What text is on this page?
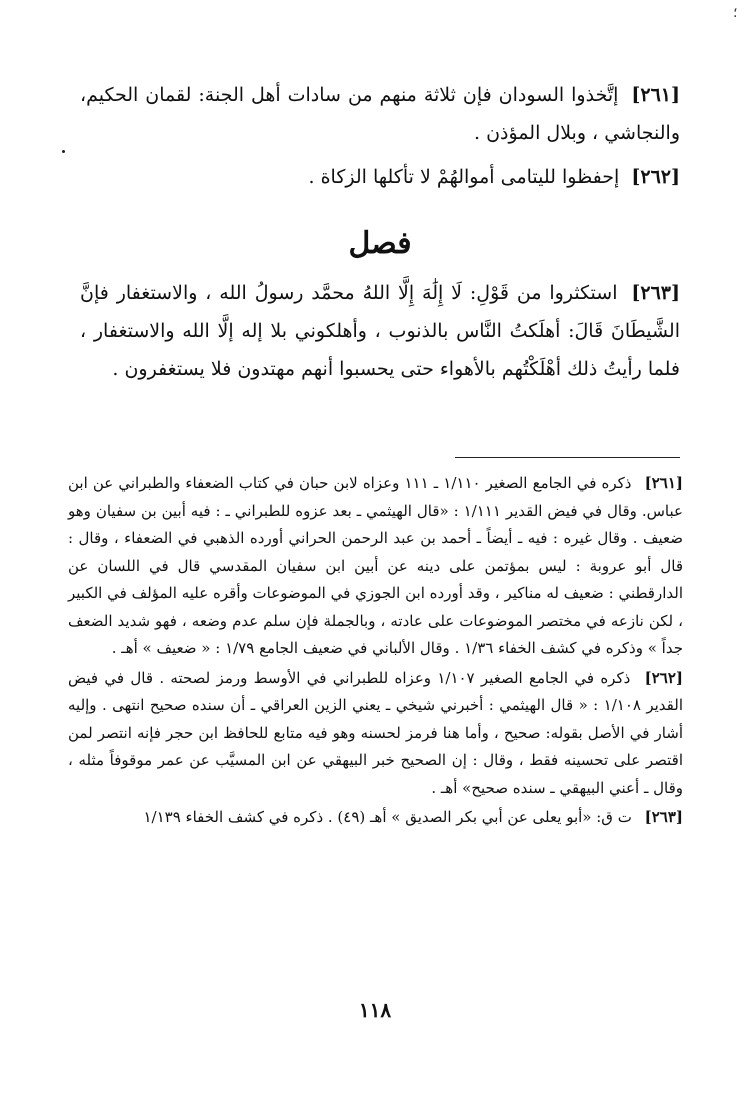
؛

[٢٦١] إتَّخذوا السودان فإن ثلاثة منهم من سادات أهل الجنة: لقمان الحكيم، والنجاشي ، وبلال المؤذن .

[٢٦٢] إحفظوا لليتامى أموالهُمْ لا تأكلها الزكاة .

فصل

[٢٦٣] استكثروا من قَوْلِ: لَا إِلَٰهَ إِلَّا اللهُ محمَّد رسولُ الله ، والاستغفار فإنَّ الشَّيطَانَ قَالَ: أهلَكتُ النَّاس بالذنوب ، وأهلكوني بلا إله إلَّا الله والاستغفار ، فلما رأيتُ ذلك أهْلَكْتُهم بالأهواء حتى يحسبوا أنهم مهتدون فلا يستغفرون .

[٢٦١] ذكره في الجامع الصغير ١/١١٠ ـ ١١١ وعزاه لابن حبان في كتاب الضعفاء والطبراني عن ابن عباس. وقال في فيض القدير ١/١١١ : «قال الهيثمي ـ بعد عزوه للطبراني ـ : فيه أبين بن سفيان وهو ضعيف . وقال غيره : فيه ـ أيضاً ـ أحمد بن عبد الرحمن الحراني أورده الذهبي في الضعفاء ، وقال : قال أبو عروبة : ليس بمؤتمن على دينه عن أبين ابن سفيان المقدسي قال في اللسان عن الدارقطني : ضعيف له مناكير ، وقد أورده ابن الجوزي في الموضوعات وأقره عليه المؤلف في الكبير ، لكن نازعه في مختصر الموضوعات على عادته ، وبالجملة فإن سلم عدم وضعه ، فهو شديد الضعف جداً » وذكره في كشف الخفاء ١/٣٦ . وقال الألباني في ضعيف الجامع ١/٧٩ : « ضعيف » أهـ .

[٢٦٢] ذكره في الجامع الصغير ١/١٠٧ وعزاه للطبراني في الأوسط ورمز لصحته . قال في فيض القدير ١/١٠٨ : « قال الهيثمي : أخبرني شيخي ـ يعني الزين العراقي ـ أن سنده صحيح انتهى . وإليه أشار في الأصل بقوله: صحيح ، وأما هنا فرمز لحسنه وهو فيه متابع للحافظ ابن حجر فإنه انتصر لمن اقتصر على تحسينه فقط ، وقال : إن الصحيح خبر البيهقي عن ابن المسيَّب عن عمر موقوفاً مثله ، وقال ـ أعني البيهقي ـ سنده صحيح» أهـ .

[٢٦٣] ت ق: «أبو يعلى عن أبي بكر الصديق » أهـ (٤٩) . ذكره في كشف الخفاء ١/١٣٩

١١٨
